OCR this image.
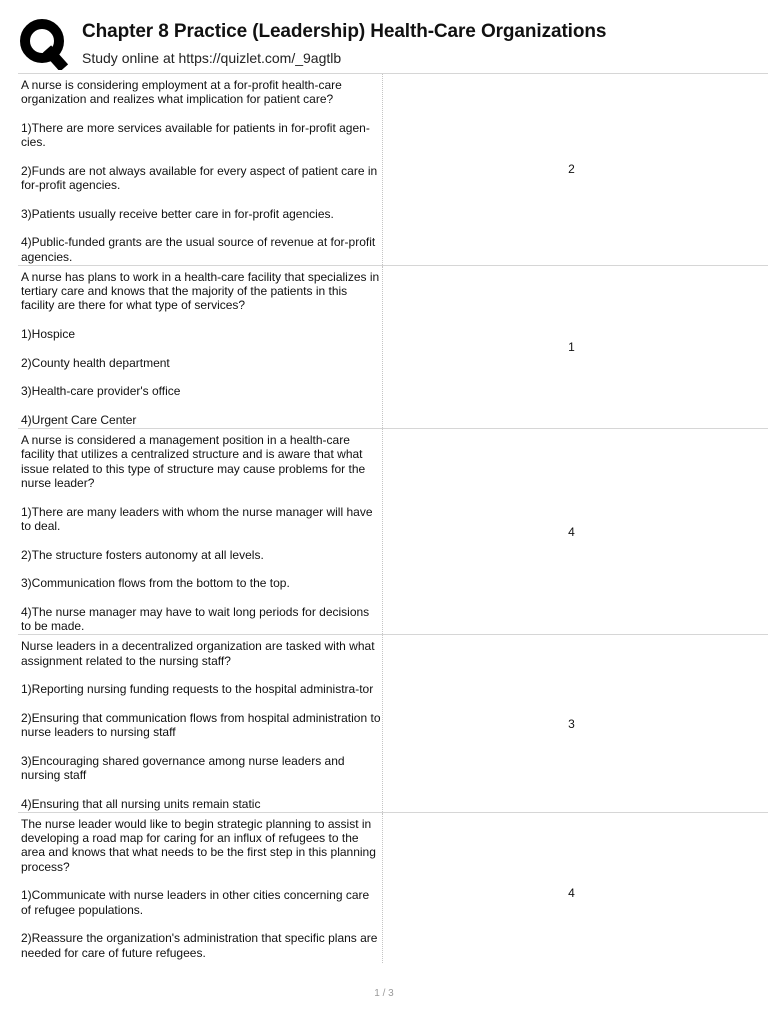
Chapter 8 Practice (Leadership) Health-Care Organizations
Study online at https://quizlet.com/_9agtlb

A nurse is considering employment at a for-profit health-care organization and realizes what implication for patient care?

1)There are more services available for patients in for-profit agen-cies.

2)Funds are not always available for every aspect of patient care in for-profit agencies.

3)Patients usually receive better care in for-profit agencies.

4)Public-funded grants are the usual source of revenue at for-profit agencies.

2

A nurse has plans to work in a health-care facility that specializes in tertiary care and knows that the majority of the patients in this facility are there for what type of services?

1)Hospice

2)County health department

3)Health-care provider's office

4)Urgent Care Center

1

A nurse is considered a management position in a health-care facility that utilizes a centralized structure and is aware that what issue related to this type of structure may cause problems for the nurse leader?

1)There are many leaders with whom the nurse manager will have to deal.

2)The structure fosters autonomy at all levels.

3)Communication flows from the bottom to the top.

4)The nurse manager may have to wait long periods for decisions to be made.

4

Nurse leaders in a decentralized organization are tasked with what assignment related to the nursing staff?

1)Reporting nursing funding requests to the hospital administra-tor

2)Ensuring that communication flows from hospital administration to nurse leaders to nursing staff

3)Encouraging shared governance among nurse leaders and nursing staff

4)Ensuring that all nursing units remain static

3

The nurse leader would like to begin strategic planning to assist in developing a road map for caring for an influx of refugees to the area and knows that what needs to be the first step in this planning process?

1)Communicate with nurse leaders in other cities concerning care of refugee populations.

2)Reassure the organization's administration that specific plans are needed for care of future refugees.

4
1 / 3
